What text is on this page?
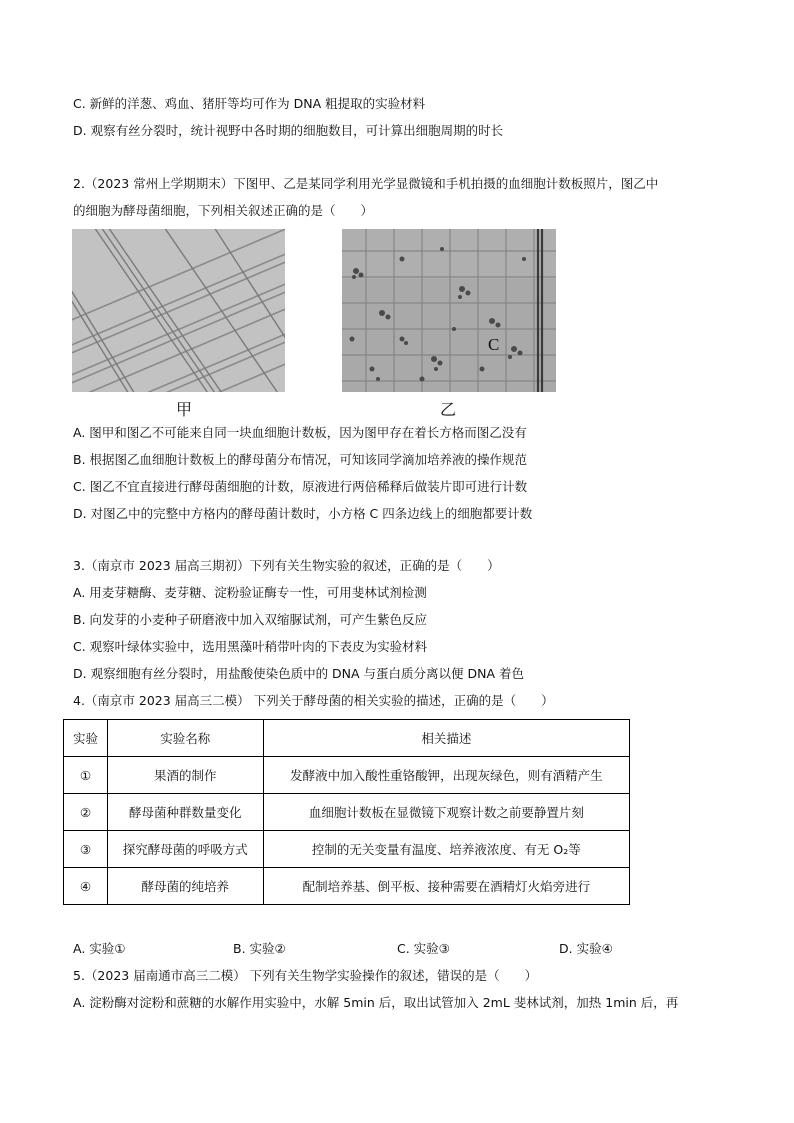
C. 新鲜的洋葱、鸡血、猪肝等均可作为 DNA 粗提取的实验材料
D. 观察有丝分裂时，统计视野中各时期的细胞数目，可计算出细胞周期的时长
2.（2023 常州上学期期末）下图甲、乙是某同学利用光学显微镜和手机拍摄的血细胞计数板照片，图乙中
的细胞为酵母菌细胞，下列相关叙述正确的是（　　）
甲
C
乙
A. 图甲和图乙不可能来自同一块血细胞计数板，因为图甲存在着长方格而图乙没有
B. 根据图乙血细胞计数板上的酵母菌分布情况，可知该同学滴加培养液的操作规范
C. 图乙不宜直接进行酵母菌细胞的计数，原液进行两倍稀释后做装片即可进行计数
D. 对图乙中的完整中方格内的酵母菌计数时，小方格 C 四条边线上的细胞都要计数
3.（南京市 2023 届高三期初）下列有关生物实验的叙述，正确的是（　　）
A. 用麦芽糖酶、麦芽糖、淀粉验证酶专一性，可用斐林试剂检测
B. 向发芽的小麦种子研磨液中加入双缩脲试剂，可产生紫色反应
C. 观察叶绿体实验中，选用黑藻叶稍带叶肉的下表皮为实验材料
D. 观察细胞有丝分裂时，用盐酸使染色质中的 DNA 与蛋白质分离以便 DNA 着色
4.（南京市 2023 届高三二模） 下列关于酵母菌的相关实验的描述，正确的是（　　）
实验	实验名称	相关描述
①	果酒的制作	发酵液中加入酸性重铬酸钾，出现灰绿色，则有酒精产生
②	酵母菌种群数量变化	血细胞计数板在显微镜下观察计数之前要静置片刻
③	探究酵母菌的呼吸方式	控制的无关变量有温度、培养液浓度、有无 O₂等
④	酵母菌的纯培养	配制培养基、倒平板、接种需要在酒精灯火焰旁进行
A. 实验①	B. 实验②	C. 实验③	D. 实验④
5.（2023 届南通市高三二模） 下列有关生物学实验操作的叙述，错误的是（　　）
A. 淀粉酶对淀粉和蔗糖的水解作用实验中，水解 5min 后，取出试管加入 2mL 斐林试剂，加热 1min 后，再
